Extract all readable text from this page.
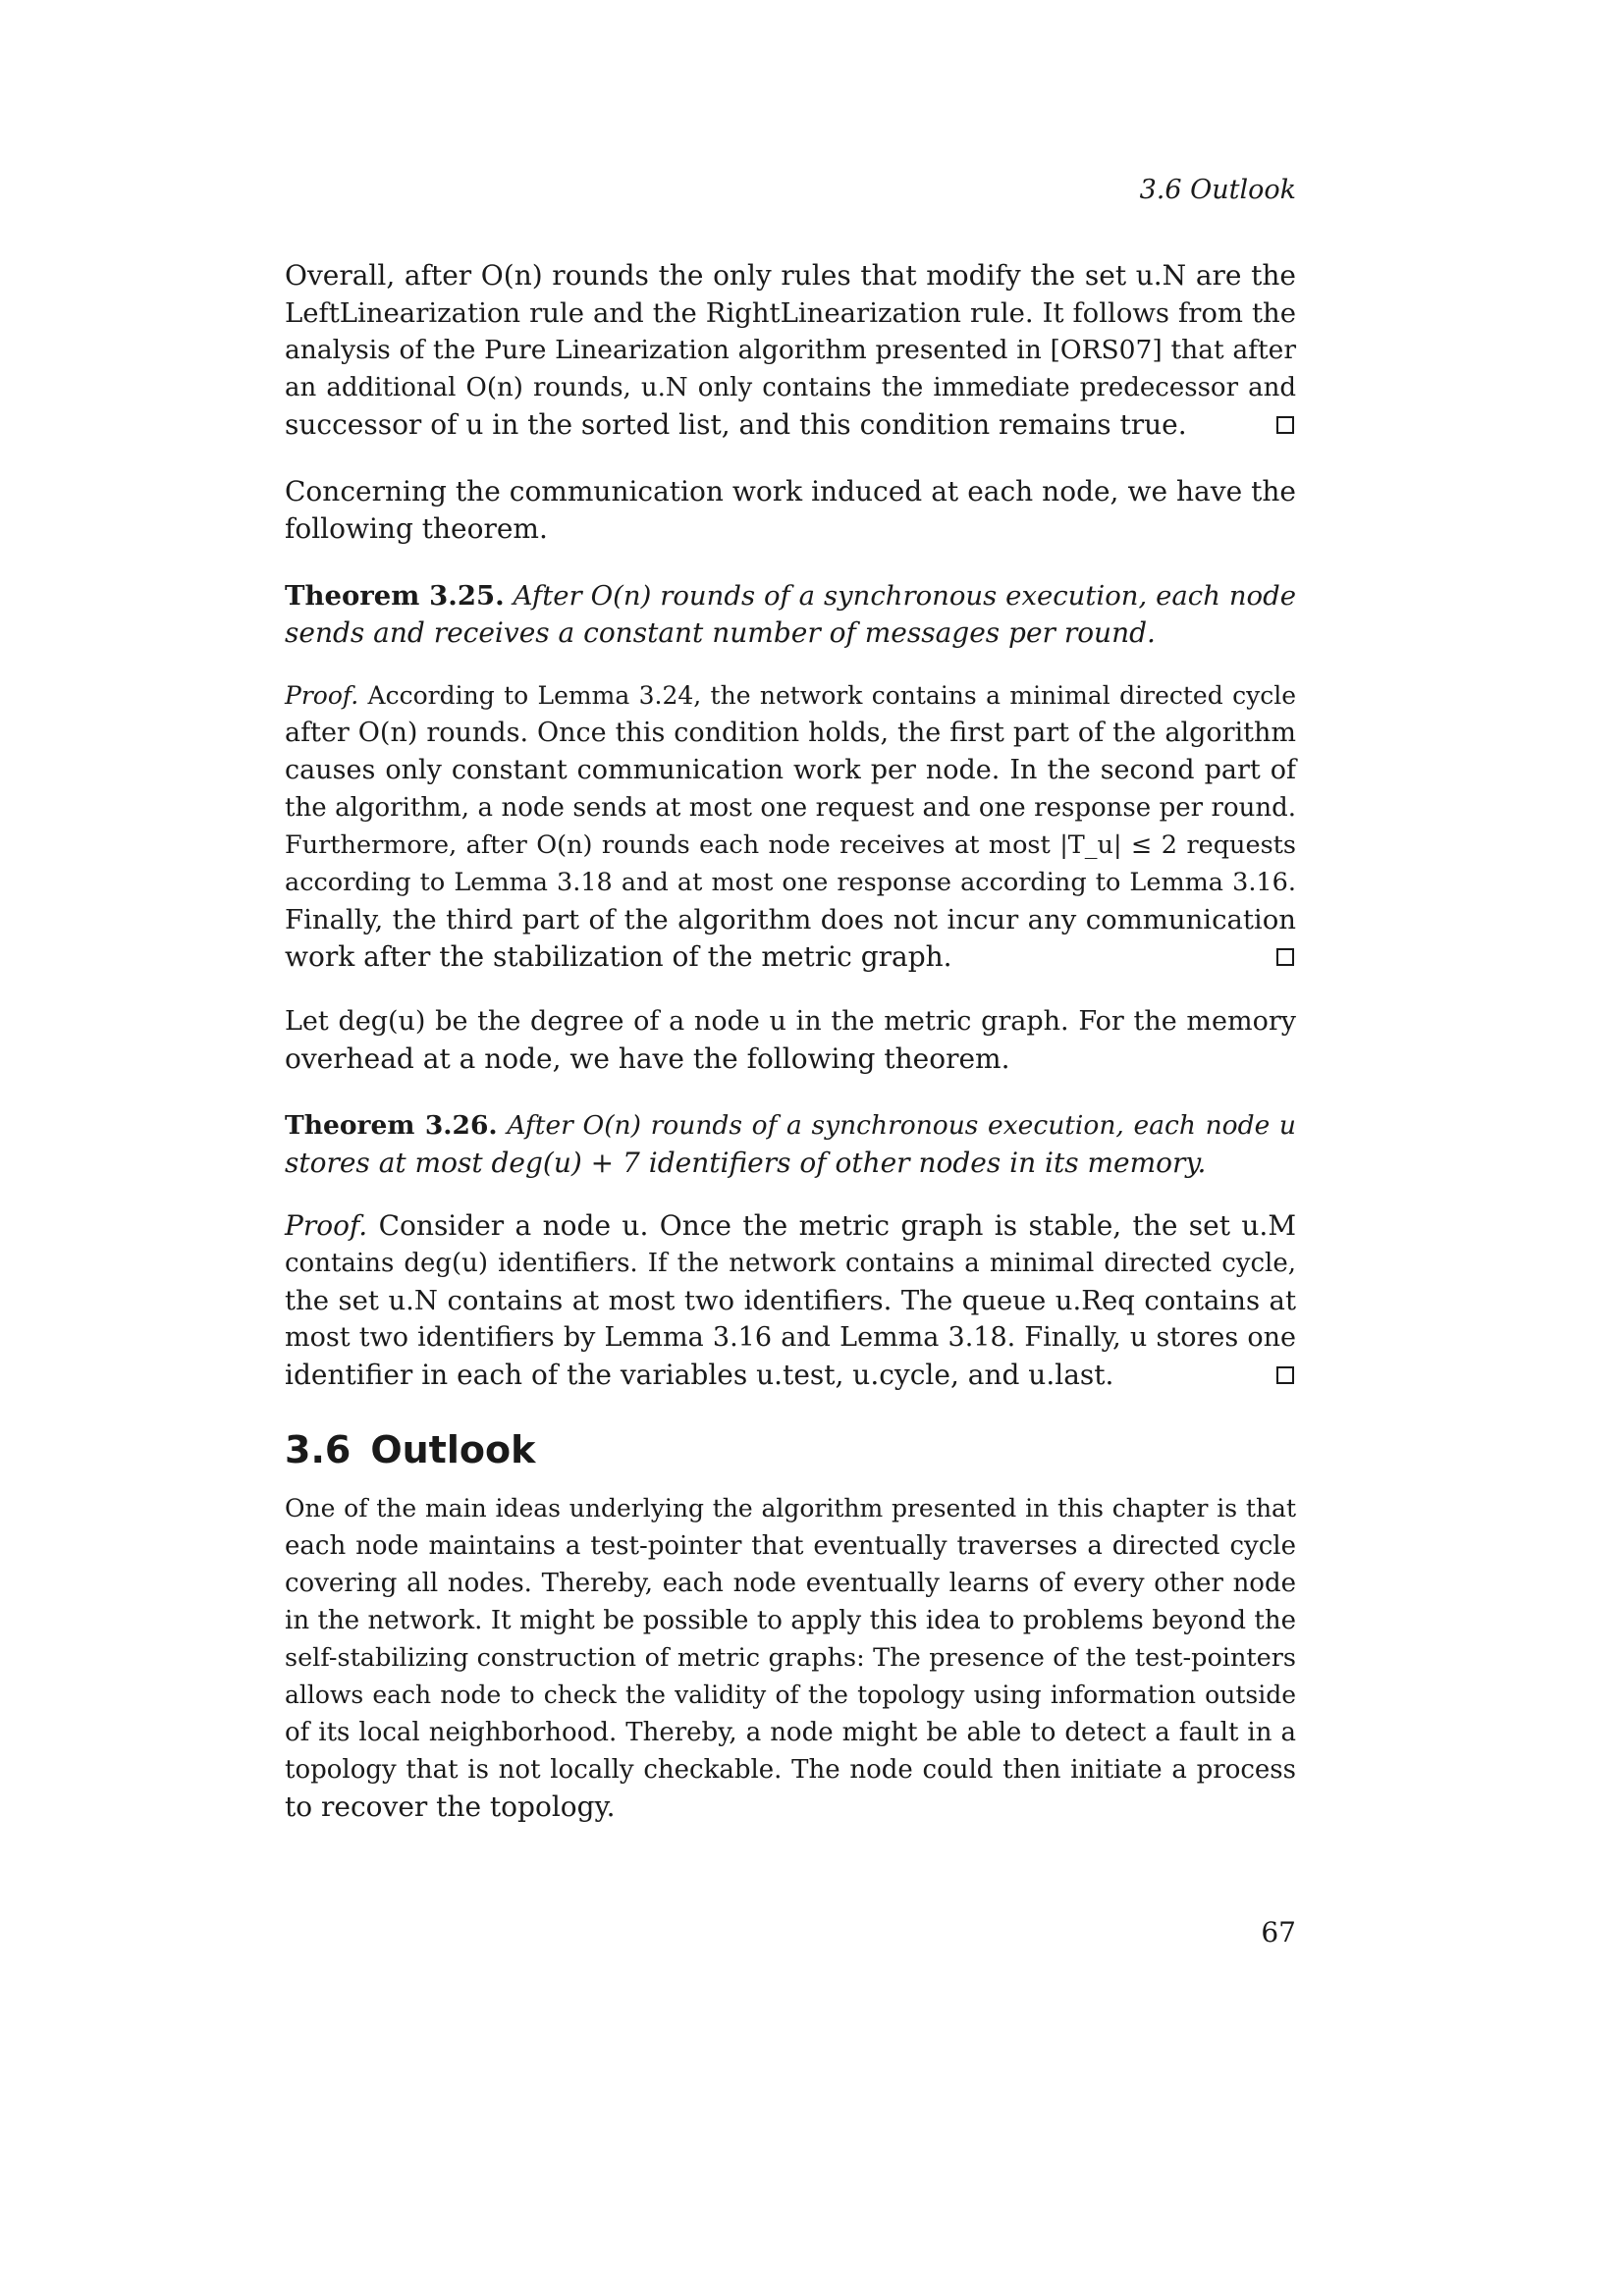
3.6 Outlook
Overall, after O(n) rounds the only rules that modify the set u.N are the
LeftLinearization rule and the RightLinearization rule. It follows from the
analysis of the Pure Linearization algorithm presented in [ORS07] that after
an additional O(n) rounds, u.N only contains the immediate predecessor and
successor of u in the sorted list, and this condition remains true.
Concerning the communication work induced at each node, we have the
following theorem.
Theorem 3.25. After O(n) rounds of a synchronous execution, each node
sends and receives a constant number of messages per round.
Proof. According to Lemma 3.24, the network contains a minimal directed cycle
after O(n) rounds. Once this condition holds, the first part of the algorithm
causes only constant communication work per node. In the second part of
the algorithm, a node sends at most one request and one response per round.
Furthermore, after O(n) rounds each node receives at most |T_u| ≤ 2 requests
according to Lemma 3.18 and at most one response according to Lemma 3.16.
Finally, the third part of the algorithm does not incur any communication
work after the stabilization of the metric graph.
Let deg(u) be the degree of a node u in the metric graph. For the memory
overhead at a node, we have the following theorem.
Theorem 3.26. After O(n) rounds of a synchronous execution, each node u
stores at most deg(u) + 7 identifiers of other nodes in its memory.
Proof. Consider a node u. Once the metric graph is stable, the set u.M
contains deg(u) identifiers. If the network contains a minimal directed cycle,
the set u.N contains at most two identifiers. The queue u.Req contains at
most two identifiers by Lemma 3.16 and Lemma 3.18. Finally, u stores one
identifier in each of the variables u.test, u.cycle, and u.last.
3.6 Outlook
One of the main ideas underlying the algorithm presented in this chapter is that
each node maintains a test-pointer that eventually traverses a directed cycle
covering all nodes. Thereby, each node eventually learns of every other node
in the network. It might be possible to apply this idea to problems beyond the
self-stabilizing construction of metric graphs: The presence of the test-pointers
allows each node to check the validity of the topology using information outside
of its local neighborhood. Thereby, a node might be able to detect a fault in a
topology that is not locally checkable. The node could then initiate a process
to recover the topology.
67
